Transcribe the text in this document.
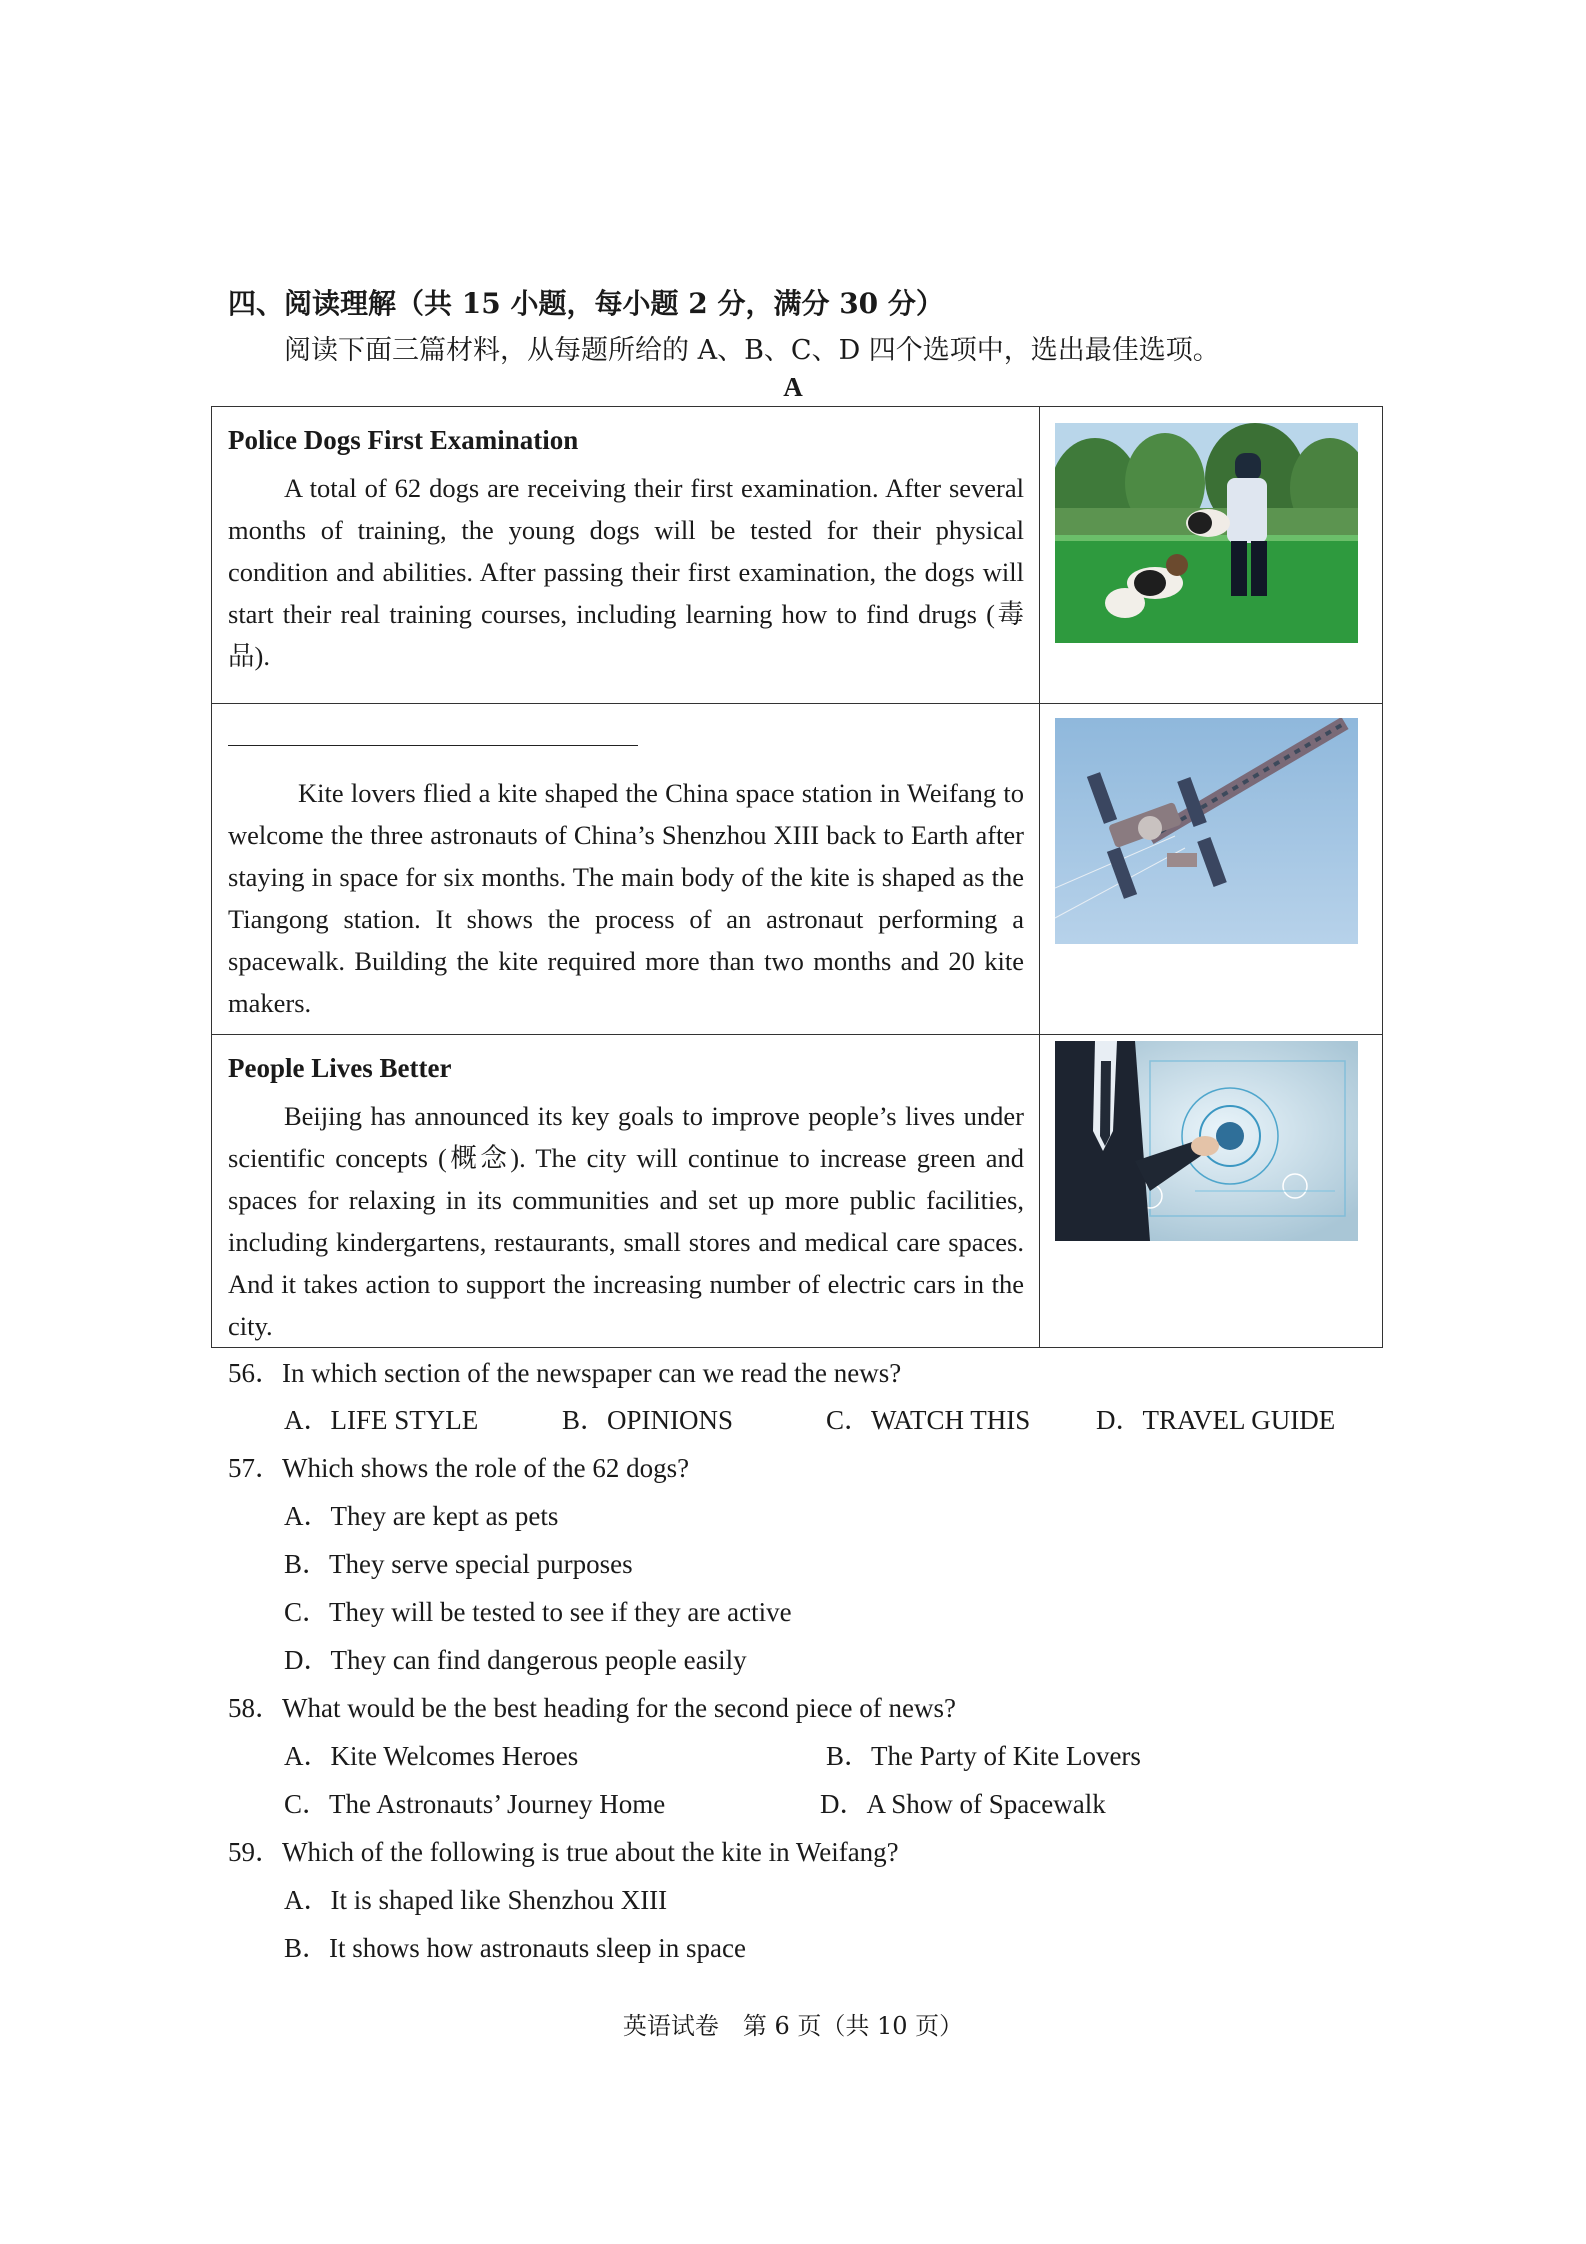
四、阅读理解（共 15 小题，每小题 2 分，满分 30 分）
阅读下面三篇材料，从每题所给的 A、B、C、D 四个选项中，选出最佳选项。
A
Police Dogs First Examination
A total of 62 dogs are receiving their first examination. After several months of training, the young dogs will be tested for their physical condition and abilities. After passing their first examination, the dogs will start their real training courses, including learning how to find drugs (毒品).
Kite lovers flied a kite shaped the China space station in Weifang to welcome the three astronauts of China’s Shenzhou XIII back to Earth after staying in space for six months. The main body of the kite is shaped as the Tiangong station. It shows the process of an astronaut performing a spacewalk. Building the kite required more than two months and 20 kite makers.
People Lives Better
Beijing has announced its key goals to improve people’s lives under scientific concepts (概念). The city will continue to increase green and spaces for relaxing in its communities and set up more public facilities, including kindergartens, restaurants, small stores and medical care spaces. And it takes action to support the increasing number of electric cars in the city.
56．In which section of the newspaper can we read the news?
A．LIFE STYLE	B．OPINIONS	C．WATCH THIS D．TRAVEL GUIDE
57．Which shows the role of the 62 dogs?
A．They are kept as pets
B．They serve special purposes
C．They will be tested to see if they are active
D．They can find dangerous people easily
58．What would be the best heading for the second piece of news?
A．Kite Welcomes Heroes	B．The Party of Kite Lovers
C．The Astronauts’ Journey Home	D．A Show of Spacewalk
59．Which of the following is true about the kite in Weifang?
A．It is shaped like Shenzhou XIII
B．It shows how astronauts sleep in space
英语试卷　第 6 页（共 10 页）
